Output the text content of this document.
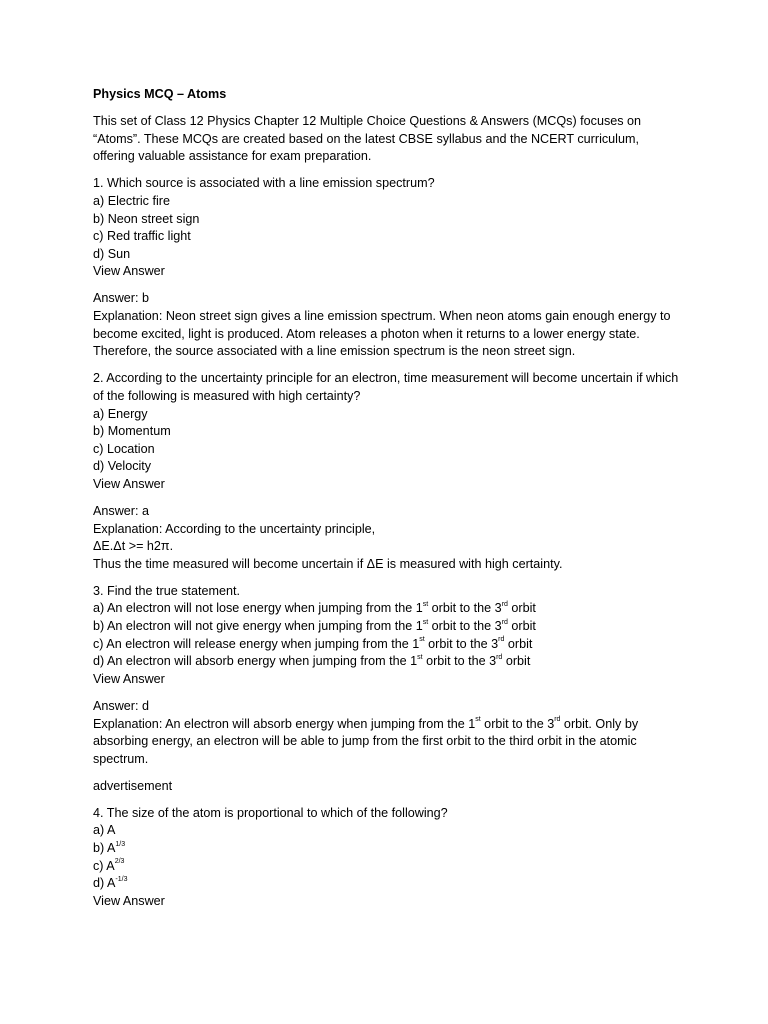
Physics MCQ – Atoms
This set of Class 12 Physics Chapter 12 Multiple Choice Questions & Answers (MCQs) focuses on “Atoms”. These MCQs are created based on the latest CBSE syllabus and the NCERT curriculum, offering valuable assistance for exam preparation.
1. Which source is associated with a line emission spectrum?
a) Electric fire
b) Neon street sign
c) Red traffic light
d) Sun
View Answer
Answer: b
Explanation: Neon street sign gives a line emission spectrum. When neon atoms gain enough energy to become excited, light is produced. Atom releases a photon when it returns to a lower energy state. Therefore, the source associated with a line emission spectrum is the neon street sign.
2. According to the uncertainty principle for an electron, time measurement will become uncertain if which of the following is measured with high certainty?
a) Energy
b) Momentum
c) Location
d) Velocity
View Answer
Answer: a
Explanation: According to the uncertainty principle,
ΔE.Δt >= h2π.
Thus the time measured will become uncertain if ΔE is measured with high certainty.
3. Find the true statement.
a) An electron will not lose energy when jumping from the 1st orbit to the 3rd orbit
b) An electron will not give energy when jumping from the 1st orbit to the 3rd orbit
c) An electron will release energy when jumping from the 1st orbit to the 3rd orbit
d) An electron will absorb energy when jumping from the 1st orbit to the 3rd orbit
View Answer
Answer: d
Explanation: An electron will absorb energy when jumping from the 1st orbit to the 3rd orbit. Only by absorbing energy, an electron will be able to jump from the first orbit to the third orbit in the atomic spectrum.
advertisement
4. The size of the atom is proportional to which of the following?
a) A
b) $A^{1/3}$
c) $A^{2/3}$
d) $A^{-1/3}$
View Answer
